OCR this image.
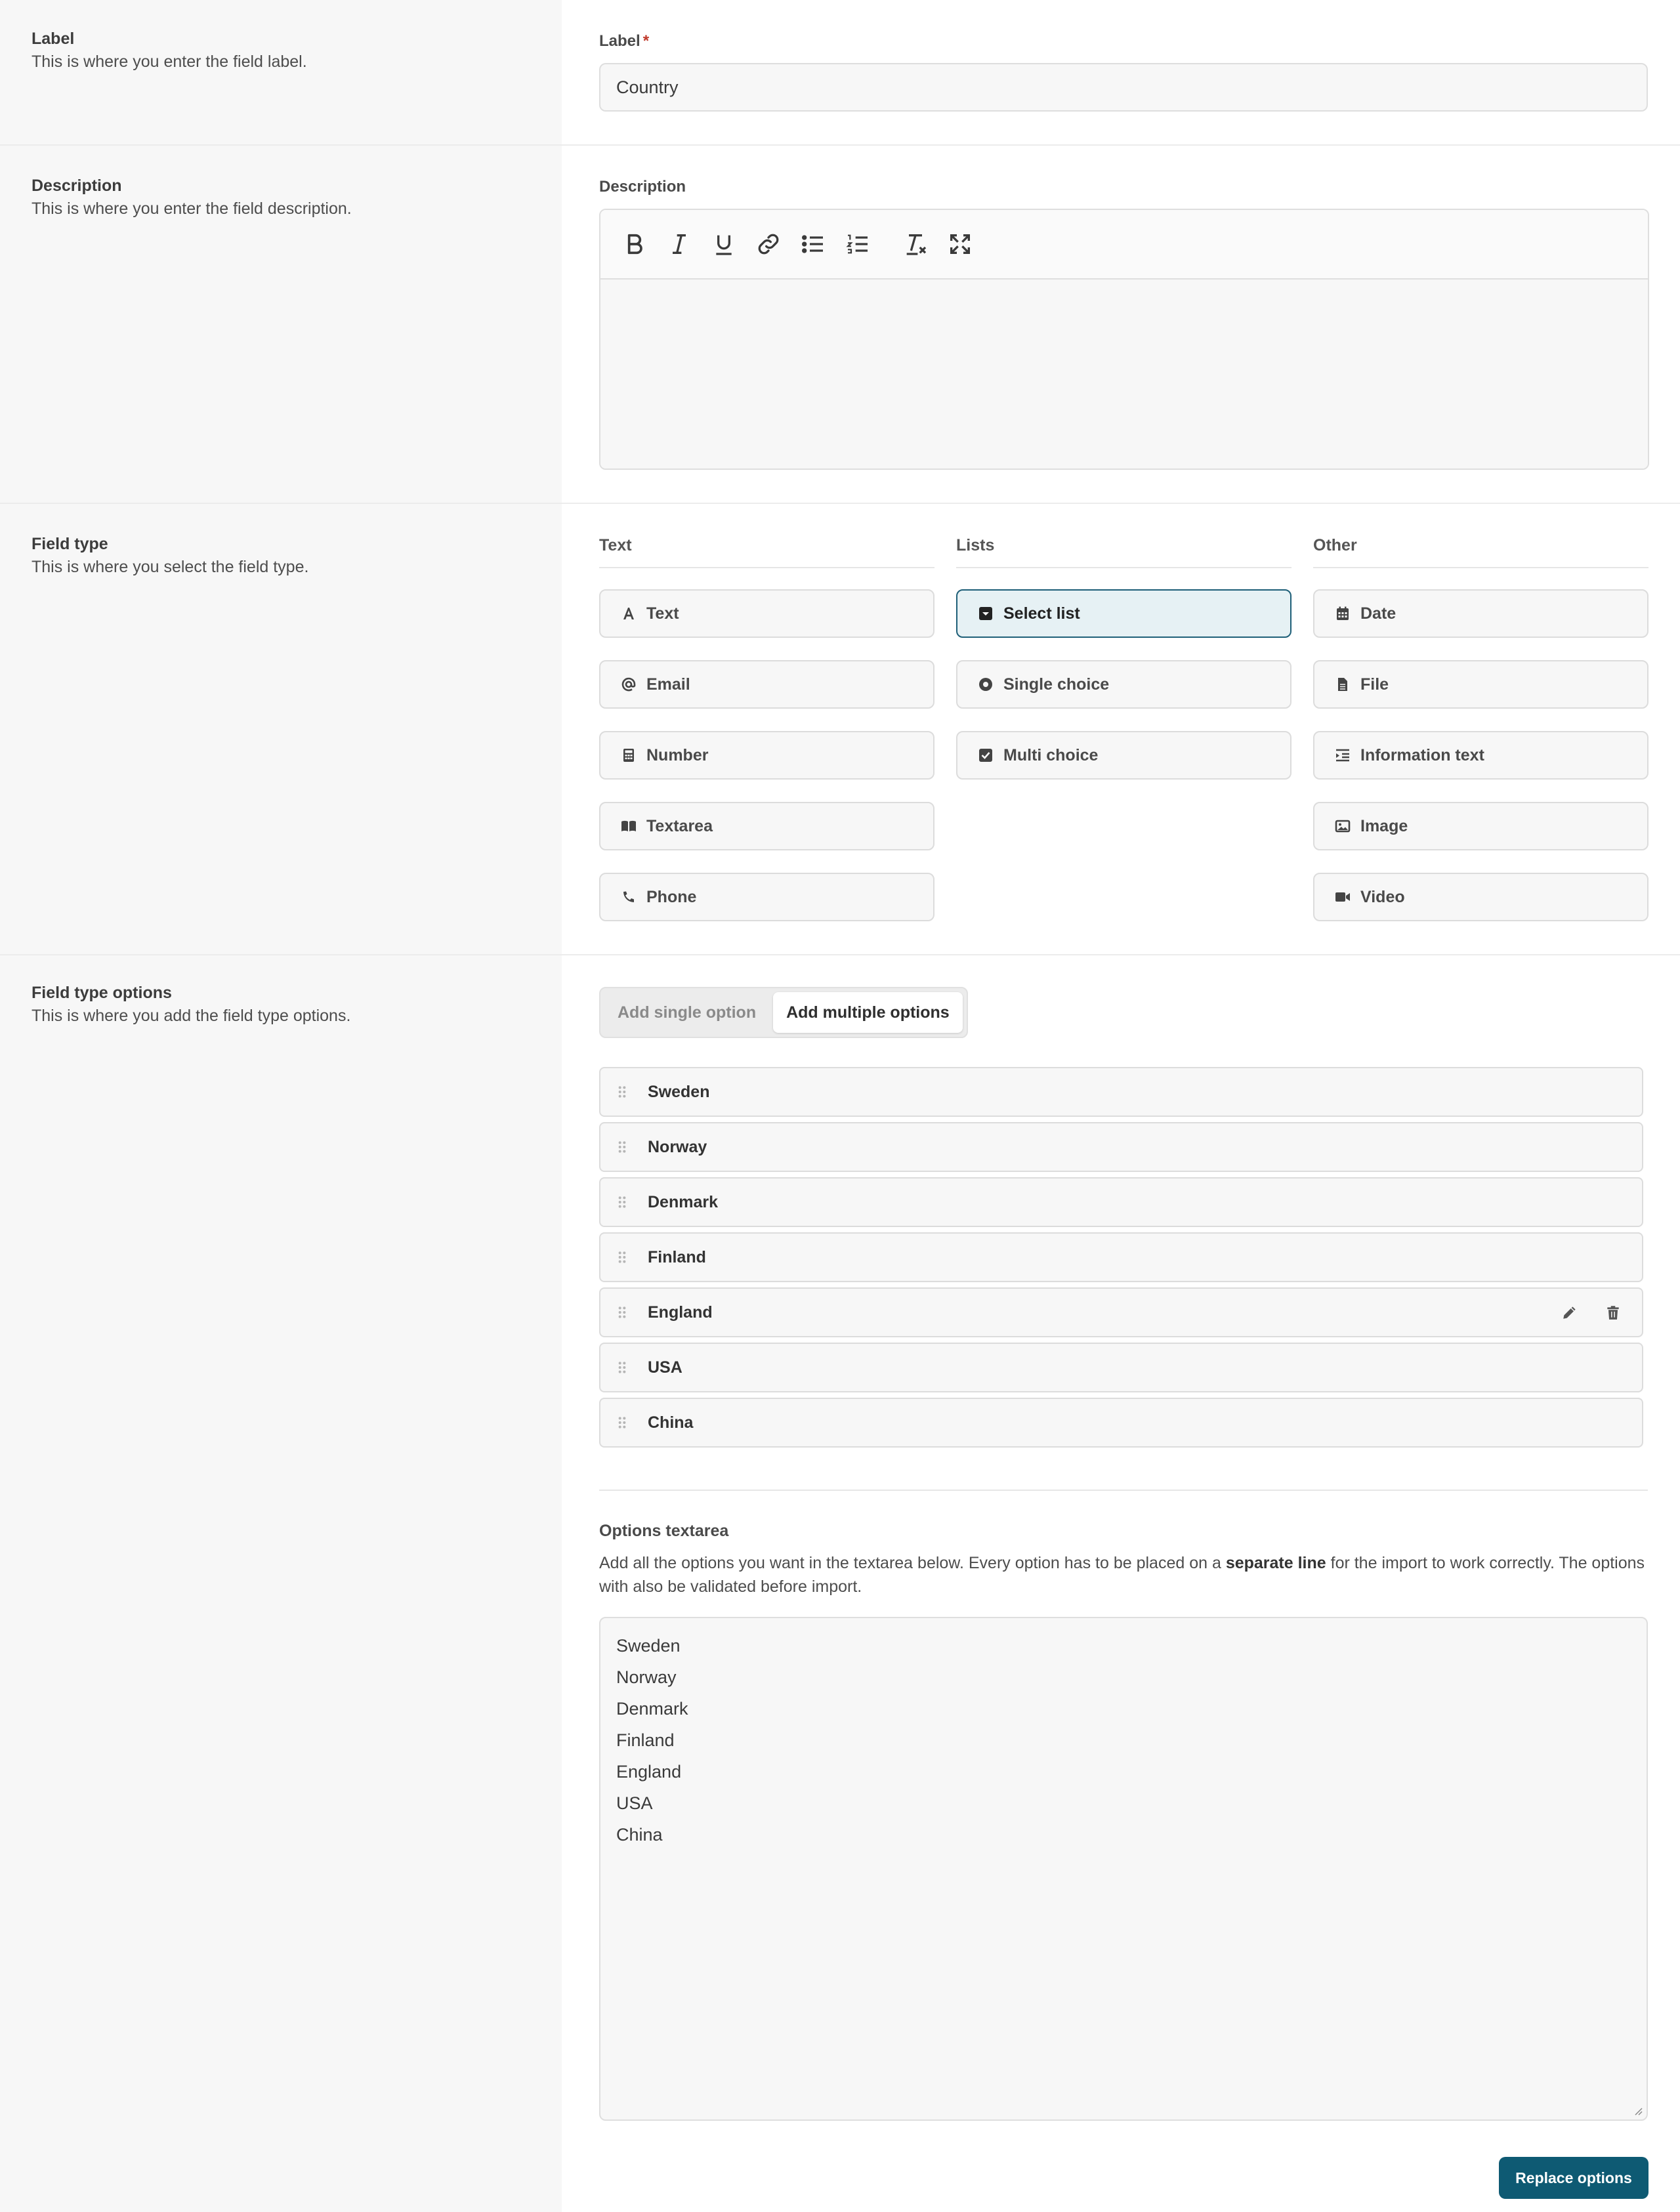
Label
This is where you enter the field label.
Label *
Country
Description
This is where you enter the field description.
Description
Field type
This is where you select the field type.
Text
Text
Email
Number
Textarea
Phone
Lists
Select list
Single choice
Multi choice
Other
Date
File
Information text
Image
Video
Field type options
This is where you add the field type options.	Add single option	Add multiple options
Sweden
Norway
Denmark
Finland
England
USA
China
Options textarea
Add all the options you want in the textarea below. Every option has to be placed on a separate line for the import to work correctly. The options with also be validated before import.
Sweden
Norway
Denmark
Finland
England
USA
China
Replace options
